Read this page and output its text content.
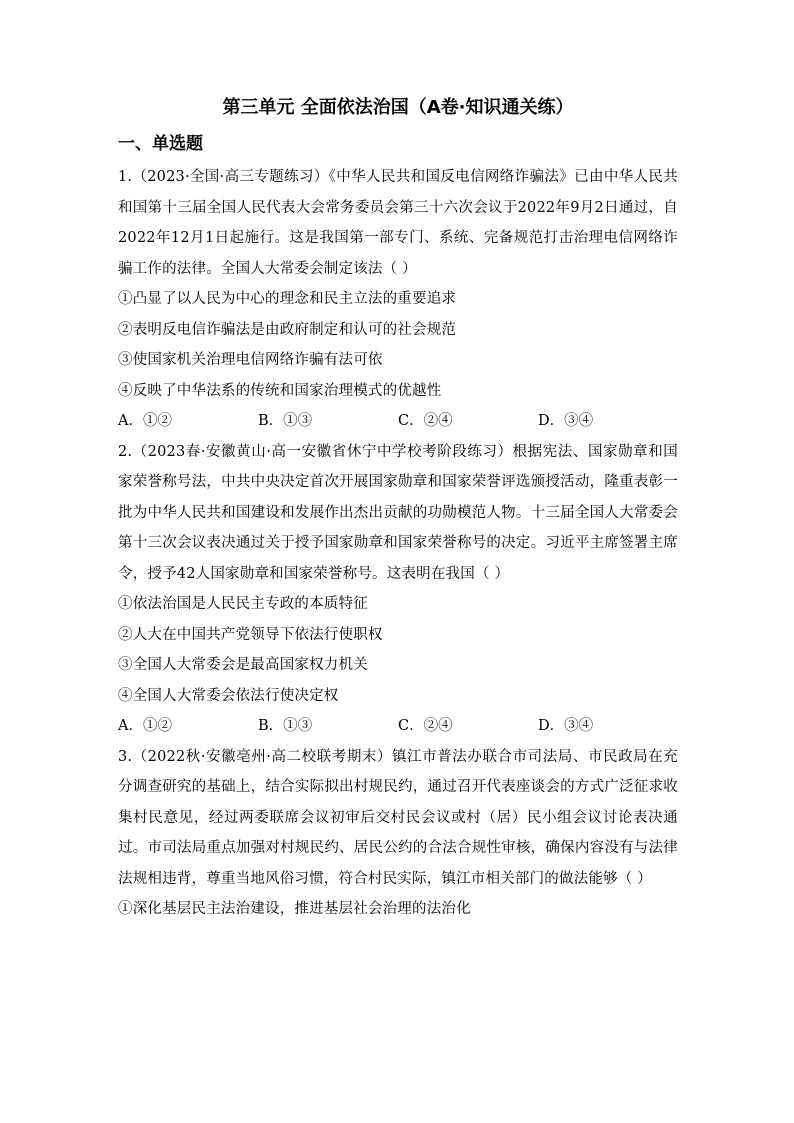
第三单元 全面依法治国（A卷·知识通关练）
一、单选题

1.（2023·全国·高三专题练习）《中华人民共和国反电信网络诈骗法》已由中华人民共和国第十三届全国人民代表大会常务委员会第三十六次会议于2022年9月2日通过，自2022年12月1日起施行。这是我国第一部专门、系统、完备规范打击治理电信网络诈骗工作的法律。全国人大常委会制定该法（ ）

①凸显了以人民为中心的理念和民主立法的重要追求

②表明反电信诈骗法是由政府制定和认可的社会规范

③使国家机关治理电信网络诈骗有法可依

④反映了中华法系的传统和国家治理模式的优越性

A．①②	B．①③	C．②④	D．③④

2.（2023春·安徽黄山·高一安徽省休宁中学校考阶段练习）根据宪法、国家勋章和国家荣誉称号法，中共中央决定首次开展国家勋章和国家荣誉评选颁授活动，隆重表彰一批为中华人民共和国建设和发展作出杰出贡献的功勋模范人物。十三届全国人大常委会第十三次会议表决通过关于授予国家勋章和国家荣誉称号的决定。习近平主席签署主席令，授予42人国家勋章和国家荣誉称号。这表明在我国（ ）

①依法治国是人民民主专政的本质特征

②人大在中国共产党领导下依法行使职权

③全国人大常委会是最高国家权力机关

④全国人大常委会依法行使决定权

A．①②	B．①③	C．②④	D．③④

3.（2022秋·安徽亳州·高二校联考期末）镇江市普法办联合市司法局、市民政局在充分调查研究的基础上，结合实际拟出村规民约，通过召开代表座谈会的方式广泛征求收集村民意见，经过两委联席会议初审后交村民会议或村（居）民小组会议讨论表决通过。市司法局重点加强对村规民约、居民公约的合法合规性审核，确保内容没有与法律法规相违背，尊重当地风俗习惯，符合村民实际，镇江市相关部门的做法能够（ ）

①深化基层民主法治建设，推进基层社会治理的法治化
